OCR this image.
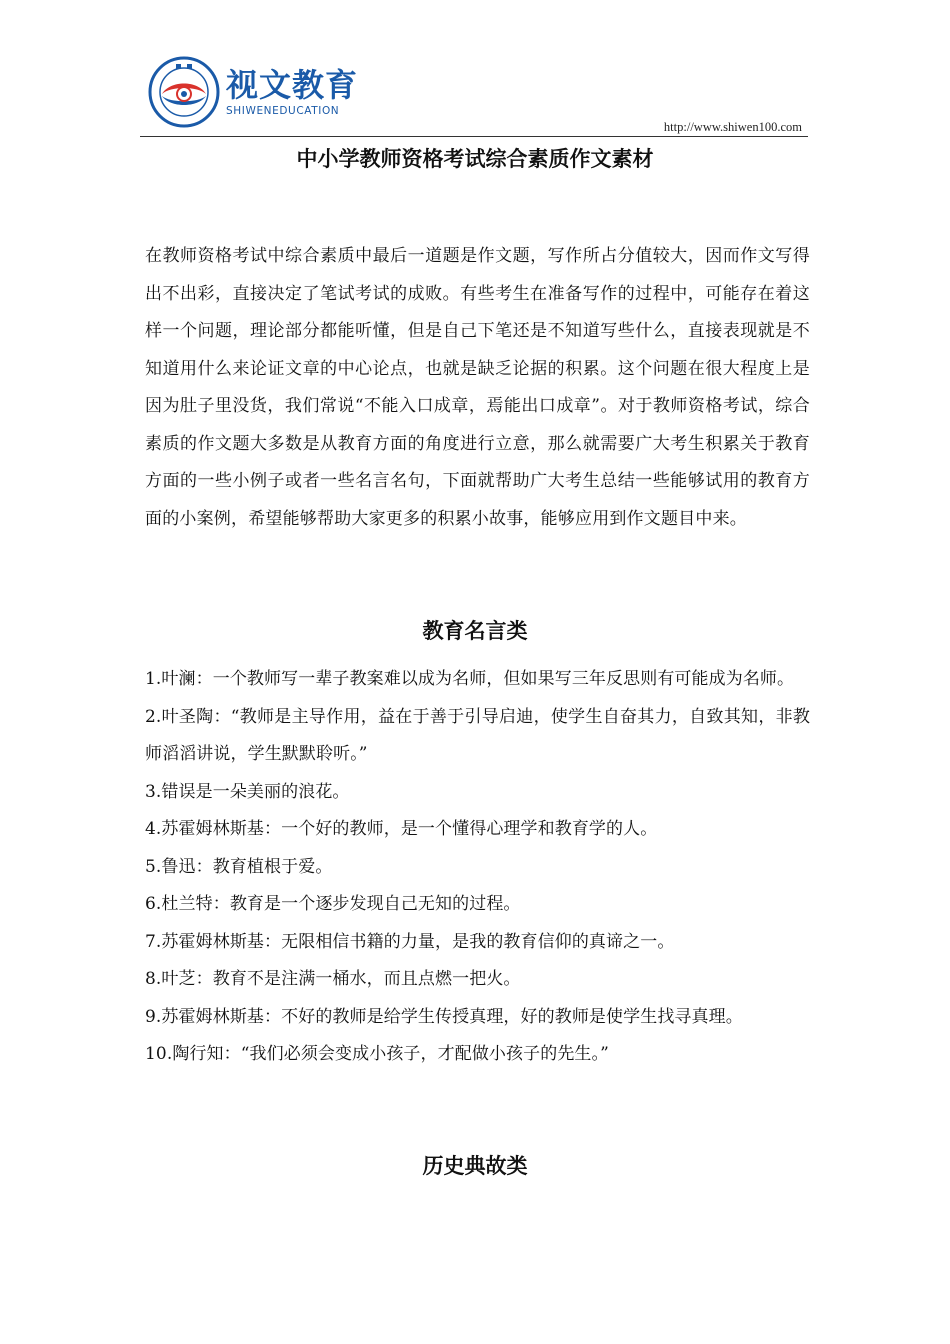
视文教育
SHIWENEDUCATION
http://www.shiwen100.com
中小学教师资格考试综合素质作文素材
在教师资格考试中综合素质中最后一道题是作文题，写作所占分值较大，因而作文写得出不出彩，直接决定了笔试考试的成败。有些考生在准备写作的过程中，可能存在着这样一个问题，理论部分都能听懂，但是自己下笔还是不知道写些什么，直接表现就是不知道用什么来论证文章的中心论点，也就是缺乏论据的积累。这个问题在很大程度上是因为肚子里没货，我们常说“不能入口成章，焉能出口成章”。对于教师资格考试，综合素质的作文题大多数是从教育方面的角度进行立意，那么就需要广大考生积累关于教育方面的一些小例子或者一些名言名句，下面就帮助广大考生总结一些能够试用的教育方面的小案例，希望能够帮助大家更多的积累小故事，能够应用到作文题目中来。
教育名言类
1.叶澜：一个教师写一辈子教案难以成为名师，但如果写三年反思则有可能成为名师。
2.叶圣陶：“教师是主导作用，益在于善于引导启迪，使学生自奋其力，自致其知，非教师滔滔讲说，学生默默聆听。”
3.错误是一朵美丽的浪花。
4.苏霍姆林斯基：一个好的教师，是一个懂得心理学和教育学的人。
5.鲁迅：教育植根于爱。
6.杜兰特：教育是一个逐步发现自己无知的过程。
7.苏霍姆林斯基：无限相信书籍的力量，是我的教育信仰的真谛之一。
8.叶芝：教育不是注满一桶水，而且点燃一把火。
9.苏霍姆林斯基：不好的教师是给学生传授真理，好的教师是使学生找寻真理。
10.陶行知：“我们必须会变成小孩子，才配做小孩子的先生。”
历史典故类
